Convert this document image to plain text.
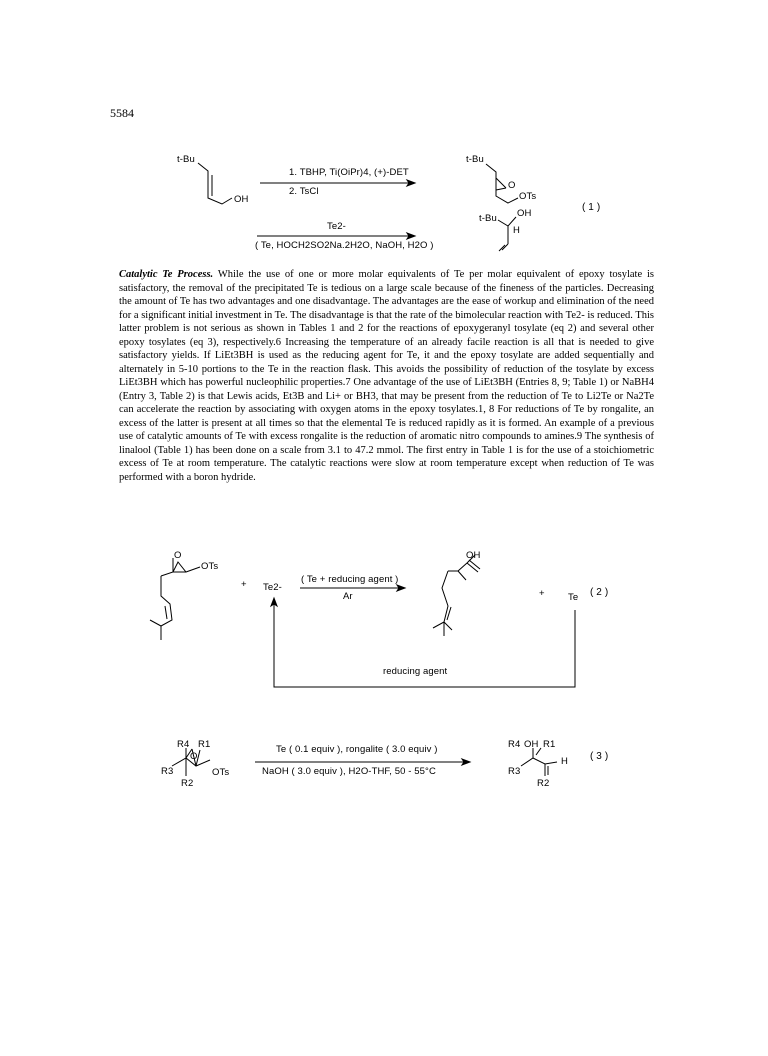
5584
t-Bu
OH
1. TBHP, Ti(OiPr)4, (+)-DET
2. TsCl
t-Bu
O
OTs
Te2-
( Te, HOCH2SO2Na.2H2O, NaOH, H2O )
t-Bu OH
H
( 1 )

Catalytic Te Process. While the use of one or more molar equivalents of Te per molar equivalent of epoxy tosylate is satisfactory, the removal of the precipitated Te is tedious on a large scale because of the fineness of the particles. Decreasing the amount of Te has two advantages and one disadvantage. The advantages are the ease of workup and elimination of the need for a significant initial investment in Te. The disadvantage is that the rate of the bimolecular reaction with Te2- is reduced. This latter problem is not serious as shown in Tables 1 and 2 for the reactions of epoxygeranyl tosylate (eq 2) and several other epoxy tosylates (eq 3), respectively.6 Increasing the temperature of an already facile reaction is all that is needed to give satisfactory yields. If LiEt3BH is used as the reducing agent for Te, it and the epoxy tosylate are added sequentially and alternately in 5-10 portions to the Te in the reaction flask. This avoids the possibility of reduction of the tosylate by excess LiEt3BH which has powerful nucleophilic properties.7 One advantage of the use of LiEt3BH (Entries 8, 9; Table 1) or NaBH4 (Entry 3, Table 2) is that Lewis acids, Et3B and Li+ or BH3, that may be present from the reduction of Te to Li2Te or Na2Te can accelerate the reaction by associating with oxygen atoms in the epoxy tosylates.1, 8 For reductions of Te by rongalite, an excess of the latter is present at all times so that the elemental Te is reduced rapidly as it is formed. An example of a previous use of catalytic amounts of Te with excess rongalite is the reduction of aromatic nitro compounds to amines.9 The synthesis of linalool (Table 1) has been done on a scale from 3.1 to 47.2 mmol. The first entry in Table 1 is for the use of a stoichiometric excess of Te at room temperature. The catalytic reactions were slow at room temperature except when reduction of Te was performed with a boron hydride.

O
OTs
+ Te2-
( Te + reducing agent )
Ar
OH
+ Te ( 2 )
reducing agent
R4 R1
O
R3	OTs
R2
Te ( 0.1 equiv ), rongalite ( 3.0 equiv )
NaOH ( 3.0 equiv ), H2O-THF, 50 - 55°C
R4 OH R1
R3
H
R2
( 3 )
